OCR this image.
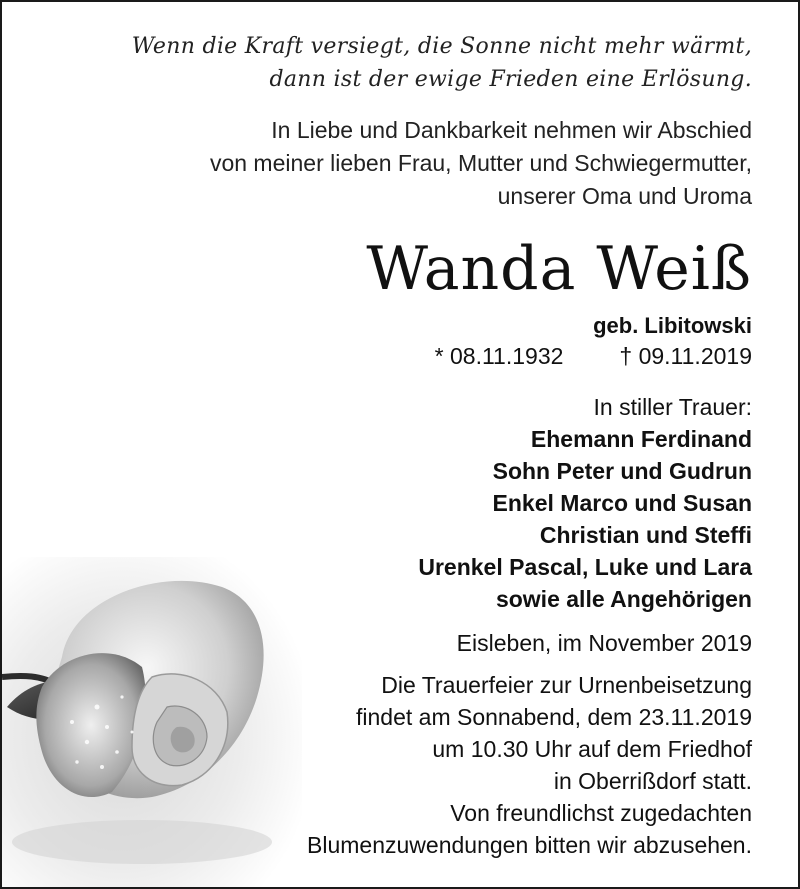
Wenn die Kraft versiegt, die Sonne nicht mehr wärmt,
dann ist der ewige Frieden eine Erlösung.
In Liebe und Dankbarkeit nehmen wir Abschied
von meiner lieben Frau, Mutter und Schwiegermutter,
unserer Oma und Uroma
Wanda Weiß
geb. Libitowski
* 08.11.1932 † 09.11.2019
In stiller Trauer:
Ehemann Ferdinand
Sohn Peter und Gudrun
Enkel Marco und Susan
Christian und Steffi
Urenkel Pascal, Luke und Lara
sowie alle Angehörigen
Eisleben, im November 2019
Die Trauerfeier zur Urnenbeisetzung
findet am Sonnabend, dem 23.11.2019
um 10.30 Uhr auf dem Friedhof
in Oberrißdorf statt.
Von freundlichst zugedachten
Blumenzuwendungen bitten wir abzusehen.
